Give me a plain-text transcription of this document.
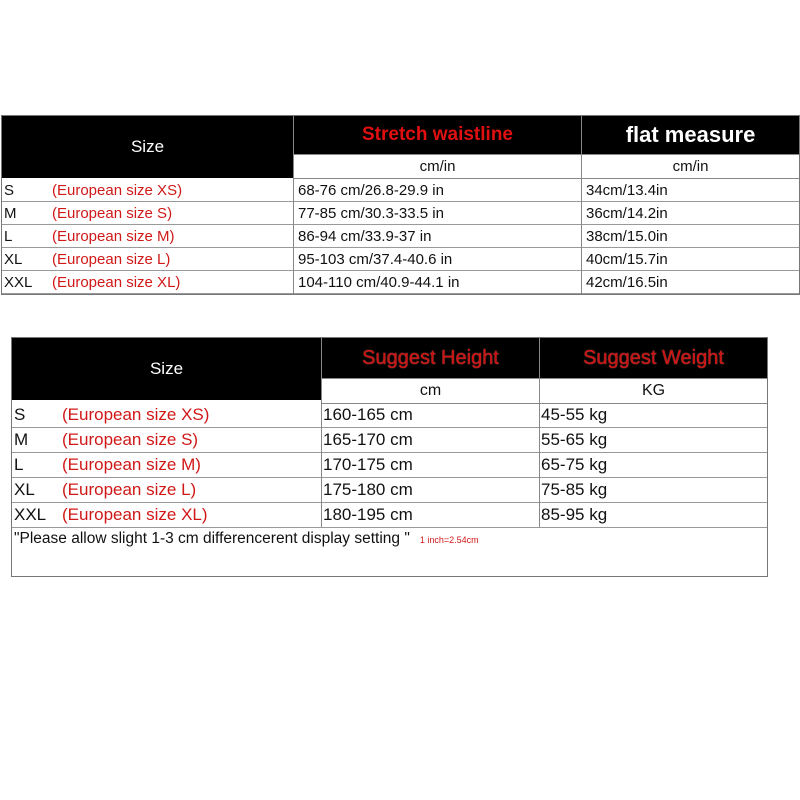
Size
Stretch waistline	flat measure
cm/in	cm/in
S	(European size XS)	68-76 cm/26.8-29.9 in	34cm/13.4in
M (European size S)	77-85 cm/30.3-33.5 in	36cm/14.2in
L	(European size M)	86-94 cm/33.9-37 in	38cm/15.0in
XL (European size L)	95-103 cm/37.4-40.6 in	40cm/15.7in
XXL (European size XL)	104-110 cm/40.9-44.1 in	42cm/16.5in
Size	Suggest Height	Suggest Weight
cm	KG
S (European size XS)	160-165 cm	45-55 kg
M (European size S)	165-170 cm	55-65 kg
L (European size M)	170-175 cm	65-75 kg
XL (European size L)	175-180 cm	75-85 kg
XXL (European size XL)	180-195 cm	85-95 kg
"Please allow slight 1-3 cm differencerent display setting " 1 inch=2.54cm
